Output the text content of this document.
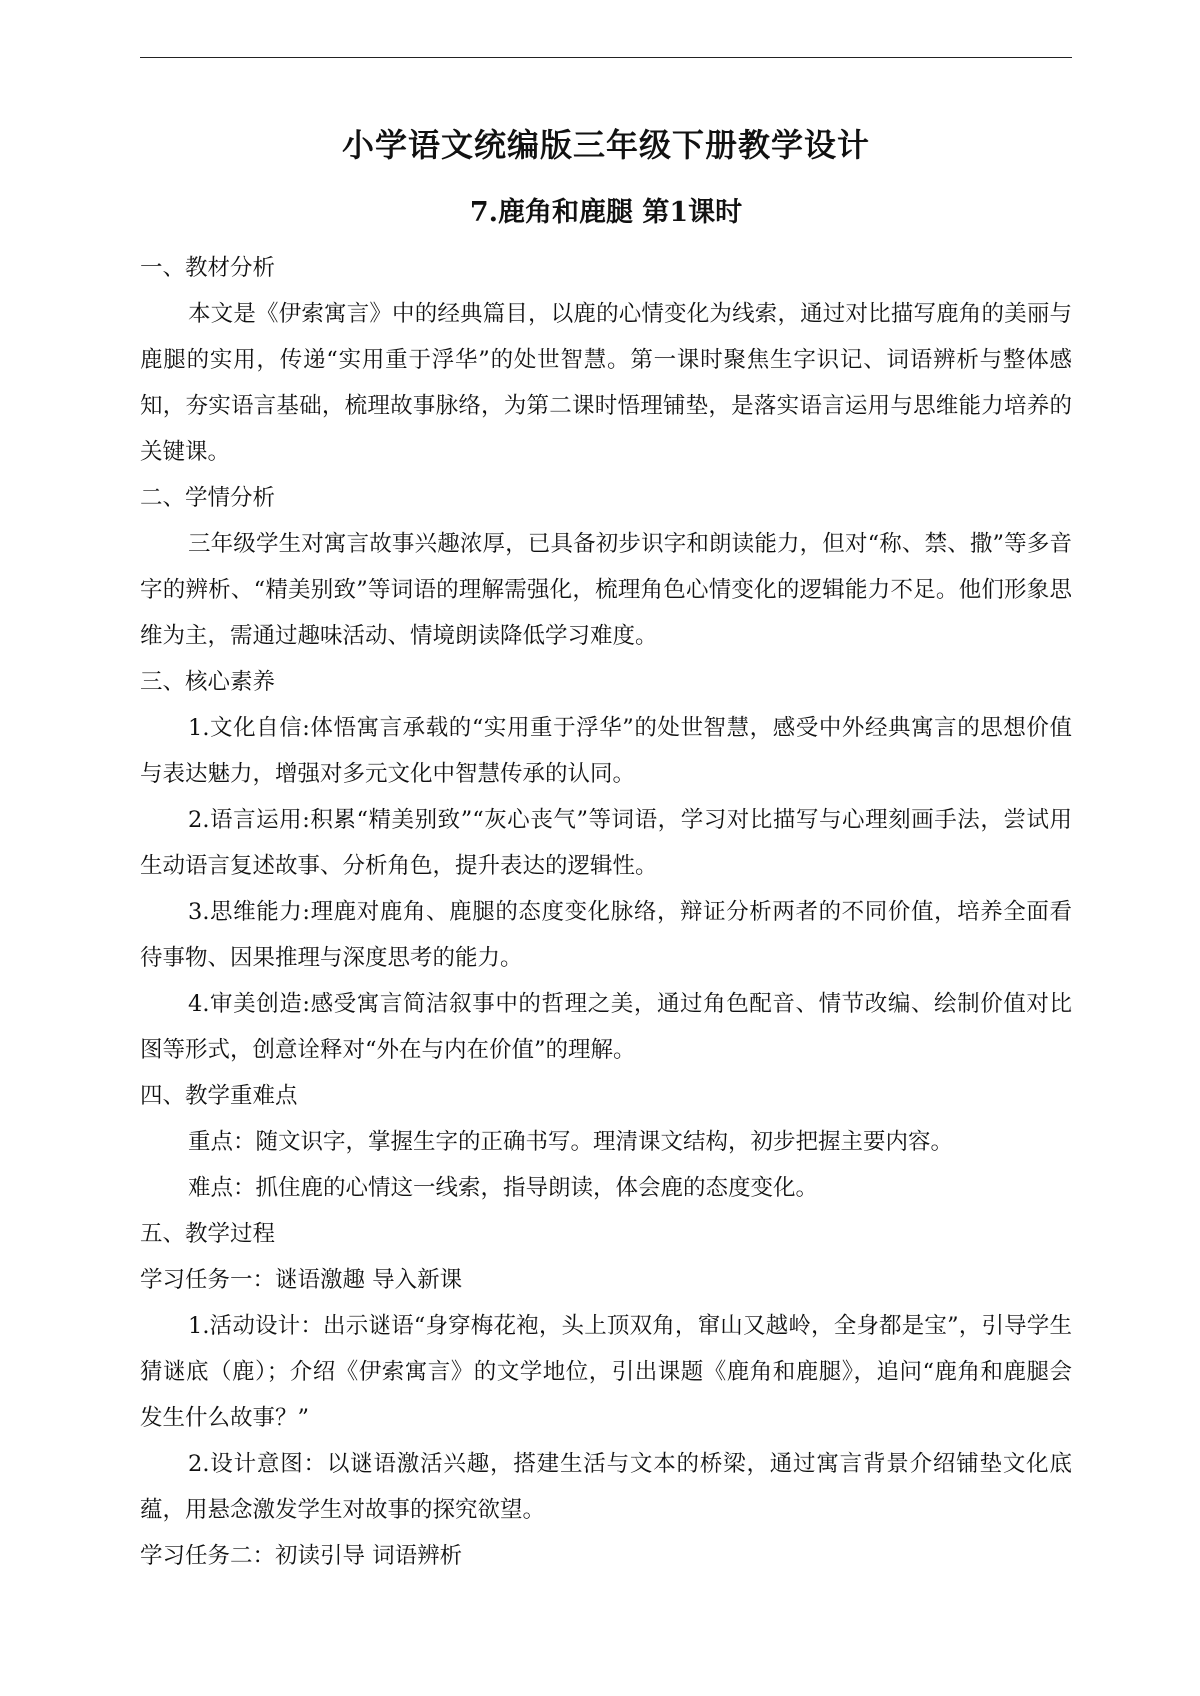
小学语文统编版三年级下册教学设计
7.鹿角和鹿腿 第1课时
一、教材分析

本文是《伊索寓言》中的经典篇目，以鹿的心情变化为线索，通过对比描写鹿角的美丽与鹿腿的实用，传递“实用重于浮华”的处世智慧。第一课时聚焦生字识记、词语辨析与整体感知，夯实语言基础，梳理故事脉络，为第二课时悟理铺垫，是落实语言运用与思维能力培养的关键课。

二、学情分析

三年级学生对寓言故事兴趣浓厚，已具备初步识字和朗读能力，但对“称、禁、撒”等多音字的辨析、“精美别致”等词语的理解需强化，梳理角色心情变化的逻辑能力不足。他们形象思维为主，需通过趣味活动、情境朗读降低学习难度。

三、核心素养

1.文化自信:体悟寓言承载的“实用重于浮华”的处世智慧，感受中外经典寓言的思想价值与表达魅力，增强对多元文化中智慧传承的认同。

2.语言运用:积累“精美别致”“灰心丧气”等词语，学习对比描写与心理刻画手法，尝试用生动语言复述故事、分析角色，提升表达的逻辑性。

3.思维能力:理鹿对鹿角、鹿腿的态度变化脉络，辩证分析两者的不同价值，培养全面看待事物、因果推理与深度思考的能力。

4.审美创造:感受寓言简洁叙事中的哲理之美，通过角色配音、情节改编、绘制价值对比图等形式，创意诠释对“外在与内在价值”的理解。

四、教学重难点

重点：随文识字，掌握生字的正确书写。理清课文结构，初步把握主要内容。

难点：抓住鹿的心情这一线索，指导朗读，体会鹿的态度变化。

五、教学过程
学习任务一：谜语激趣 导入新课

1.活动设计：出示谜语“身穿梅花袍，头上顶双角，窜山又越岭，全身都是宝”，引导学生猜谜底（鹿）；介绍《伊索寓言》的文学地位，引出课题《鹿角和鹿腿》，追问“鹿角和鹿腿会发生什么故事？”

2.设计意图：以谜语激活兴趣，搭建生活与文本的桥梁，通过寓言背景介绍铺垫文化底蕴，用悬念激发学生对故事的探究欲望。

学习任务二：初读引导 词语辨析
